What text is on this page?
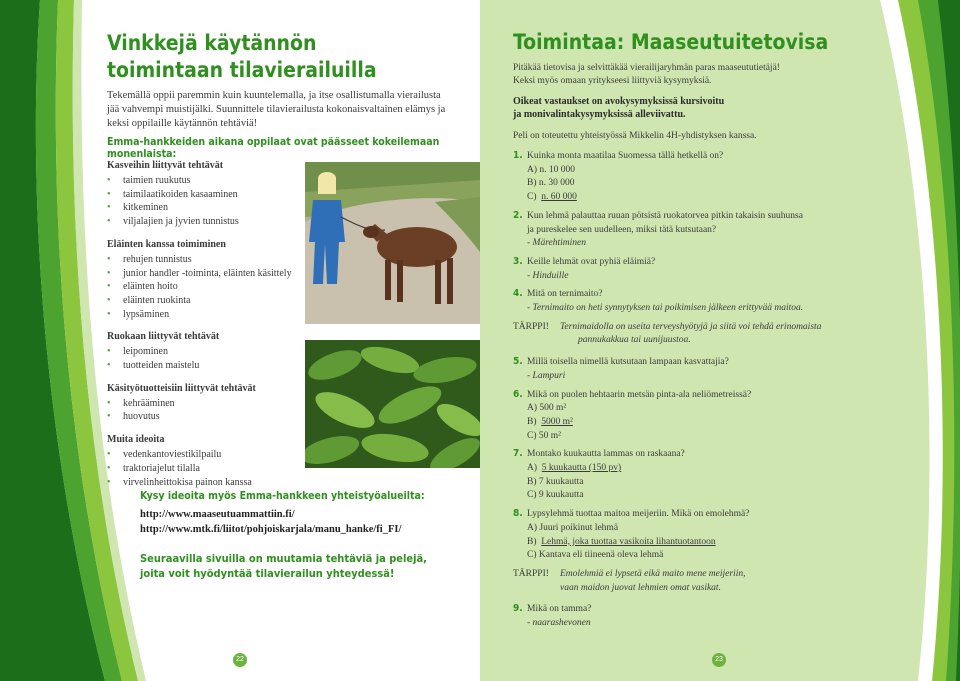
Vinkkejä käytännön toimintaan tilavierailuilla

Tekemällä oppii paremmin kuin kuuntelemalla, ja itse osallistumalla vierailusta jää vahvempi muistijälki. Suunnittele tilavierailusta kokonaisvaltainen elämys ja keksi oppilaille käytännön tehtäviä!

Emma-hankkeiden aikana oppilaat ovat päässeet kokeilemaan monenlaista:

Kasveihin liittyvät tehtävät

• taimien ruukutus
• taimilaatikoiden kasaaminen
• kitkeminen
• viljalajien ja jyvien tunnistus

Eläinten kanssa toimiminen

• rehujen tunnistus
• junior handler -toiminta, eläinten käsittely
• eläinten hoito
• eläinten ruokinta
• lypsäminen

Ruokaan liittyvät tehtävät

• leipominen
• tuotteiden maistelu

Käsityötuotteisiin liittyvät tehtävät

• kehrääminen
• huovutus

Muita ideoita

• vedenkantoviestikilpailu
• traktoriajelut tilalla
• virvelinheittokisa painon kanssa

Kysy ideoita myös Emma-hankkeen yhteistyöalueilta:

http://www.maaseutuammattiin.fi/

http://www.mtk.fi/liitot/pohjoiskarjala/manu_hanke/fi_FI/

Seuraavilla sivuilla on muutamia tehtäviä ja pelejä,
joita voit hyödyntää tilavierailun yhteydessä!

22
Toimintaa: Maaseutuitetovisa

Pitäkää tietovisa ja selvittäkää vierailijaryhmän paras maaseututietäjä!
Keksi myös omaan yritykseesi liittyviä kysymyksiä.

Oikeat vastaukset on avokysymyksissä kursivoitu
ja monivalintakysymyksissä alleviivattu.

Peli on toteutettu yhteistyössä Mikkelin 4H-yhdistyksen kanssa.

1. Kuinka monta maatilaa Suomessa tällä hetkellä on?
A) n. 10 000
B) n. 30 000
C) n. 60 000
2. Kun lehmä palauttaa ruuan pötsistä ruokatorvea pitkin takaisin suuhunsa
ja pureskelee sen uudelleen, miksi tätä kutsutaan?
- Märehtiminen
3. Keille lehmät ovat pyhiä eläimiä?
- Hinduille
4. Mitä on ternimaito?
- Ternimaito on heti synnytyksen tai poikimisen jälkeen erittyvää maitoa.
TÄRPPI! Ternimaidolla on useita terveyshyötyjä ja siitä voi tehdä erinomaista
pannukakkua tai uunijuustoa.
5. Millä toisella nimellä kutsutaan lampaan kasvattajia?
- Lampuri
6. Mikä on puolen hehtaarin metsän pinta-ala neliömetreissä?
A) 500 m²
B) 5000 m²
C) 50 m²
7. Montako kuukautta lammas on raskaana?
A) 5 kuukautta (150 pv)
B) 7 kuukautta
C) 9 kuukautta
8. Lypsylehmä tuottaa maitoa meijeriin. Mikä on emolehmä?
A) Juuri poikinut lehmä
B) Lehmä, joka tuottaa vasikoita lihantuotantoon
C) Kantava eli tiineenä oleva lehmä
TÄRPPI! Emolehmiä ei lypsetä eikä maito mene meijeriin,
vaan maidon juovat lehmien omat vasikat.
9. Mikä on tamma?
- naarashevonen
23
